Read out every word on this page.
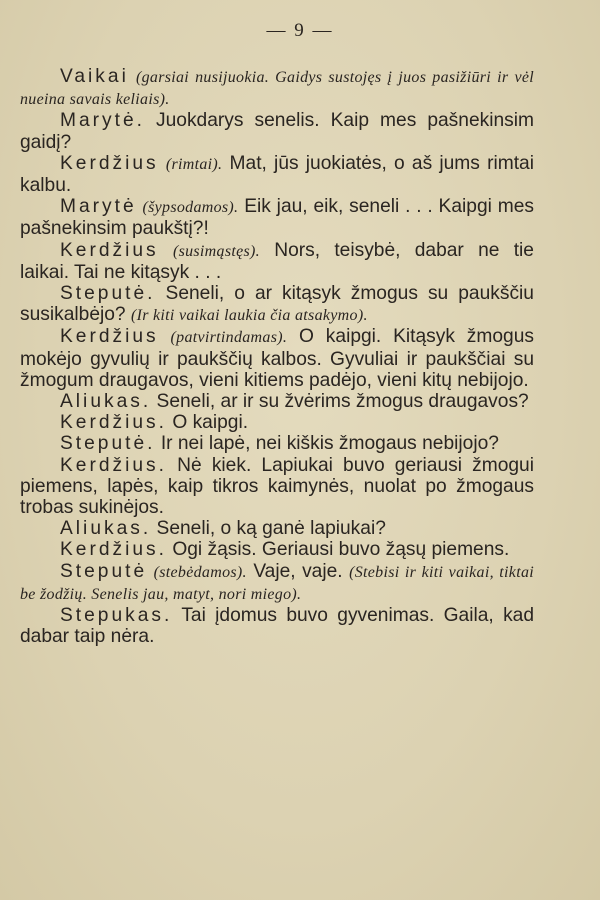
— 9 —

Vaikai (garsiai nusijuokia. Gaidys sustojęs į juos pasižiūri ir vėl nueina savais keliais).

Marytė. Juokdarys senelis. Kaip mes pašnekinsim gaidį?

Kerdžius (rimtai). Mat, jūs juokiatės, o aš jums rimtai kalbu.

Marytė (šypsodamos). Eik jau, eik, seneli . . . Kaipgi mes pašnekinsim paukštį?!

Kerdžius (susimąstęs). Nors, teisybė, dabar ne tie laikai. Tai ne kitąsyk . . .

Steputė. Seneli, o ar kitąsyk žmogus su paukščiu susikalbėjo? (Ir kiti vaikai laukia čia atsakymo).

Kerdžius (patvirtindamas). O kaipgi. Kitąsyk žmogus mokėjo gyvulių ir paukščių kalbos. Gyvuliai ir paukščiai su žmogum draugavos, vieni kitiems padėjo, vieni kitų nebijojo.

Aliukas. Seneli, ar ir su žvėrims žmogus draugavos?

Kerdžius. O kaipgi.

Steputė. Ir nei lapė, nei kiškis žmogaus nebijojo?

Kerdžius. Nė kiek. Lapiukai buvo geriausi žmogui piemens, lapės, kaip tikros kaimynės, nuolat po žmogaus trobas sukinėjos.

Aliukas. Seneli, o ką ganė lapiukai?

Kerdžius. Ogi žąsis. Geriausi buvo žąsų piemens.

Steputė (stebėdamos). Vaje, vaje. (Stebisi ir kiti vaikai, tiktai be žodžių. Senelis jau, matyt, nori miego).

Stepukas. Tai įdomus buvo gyvenimas. Gaila, kad dabar taip nėra.
